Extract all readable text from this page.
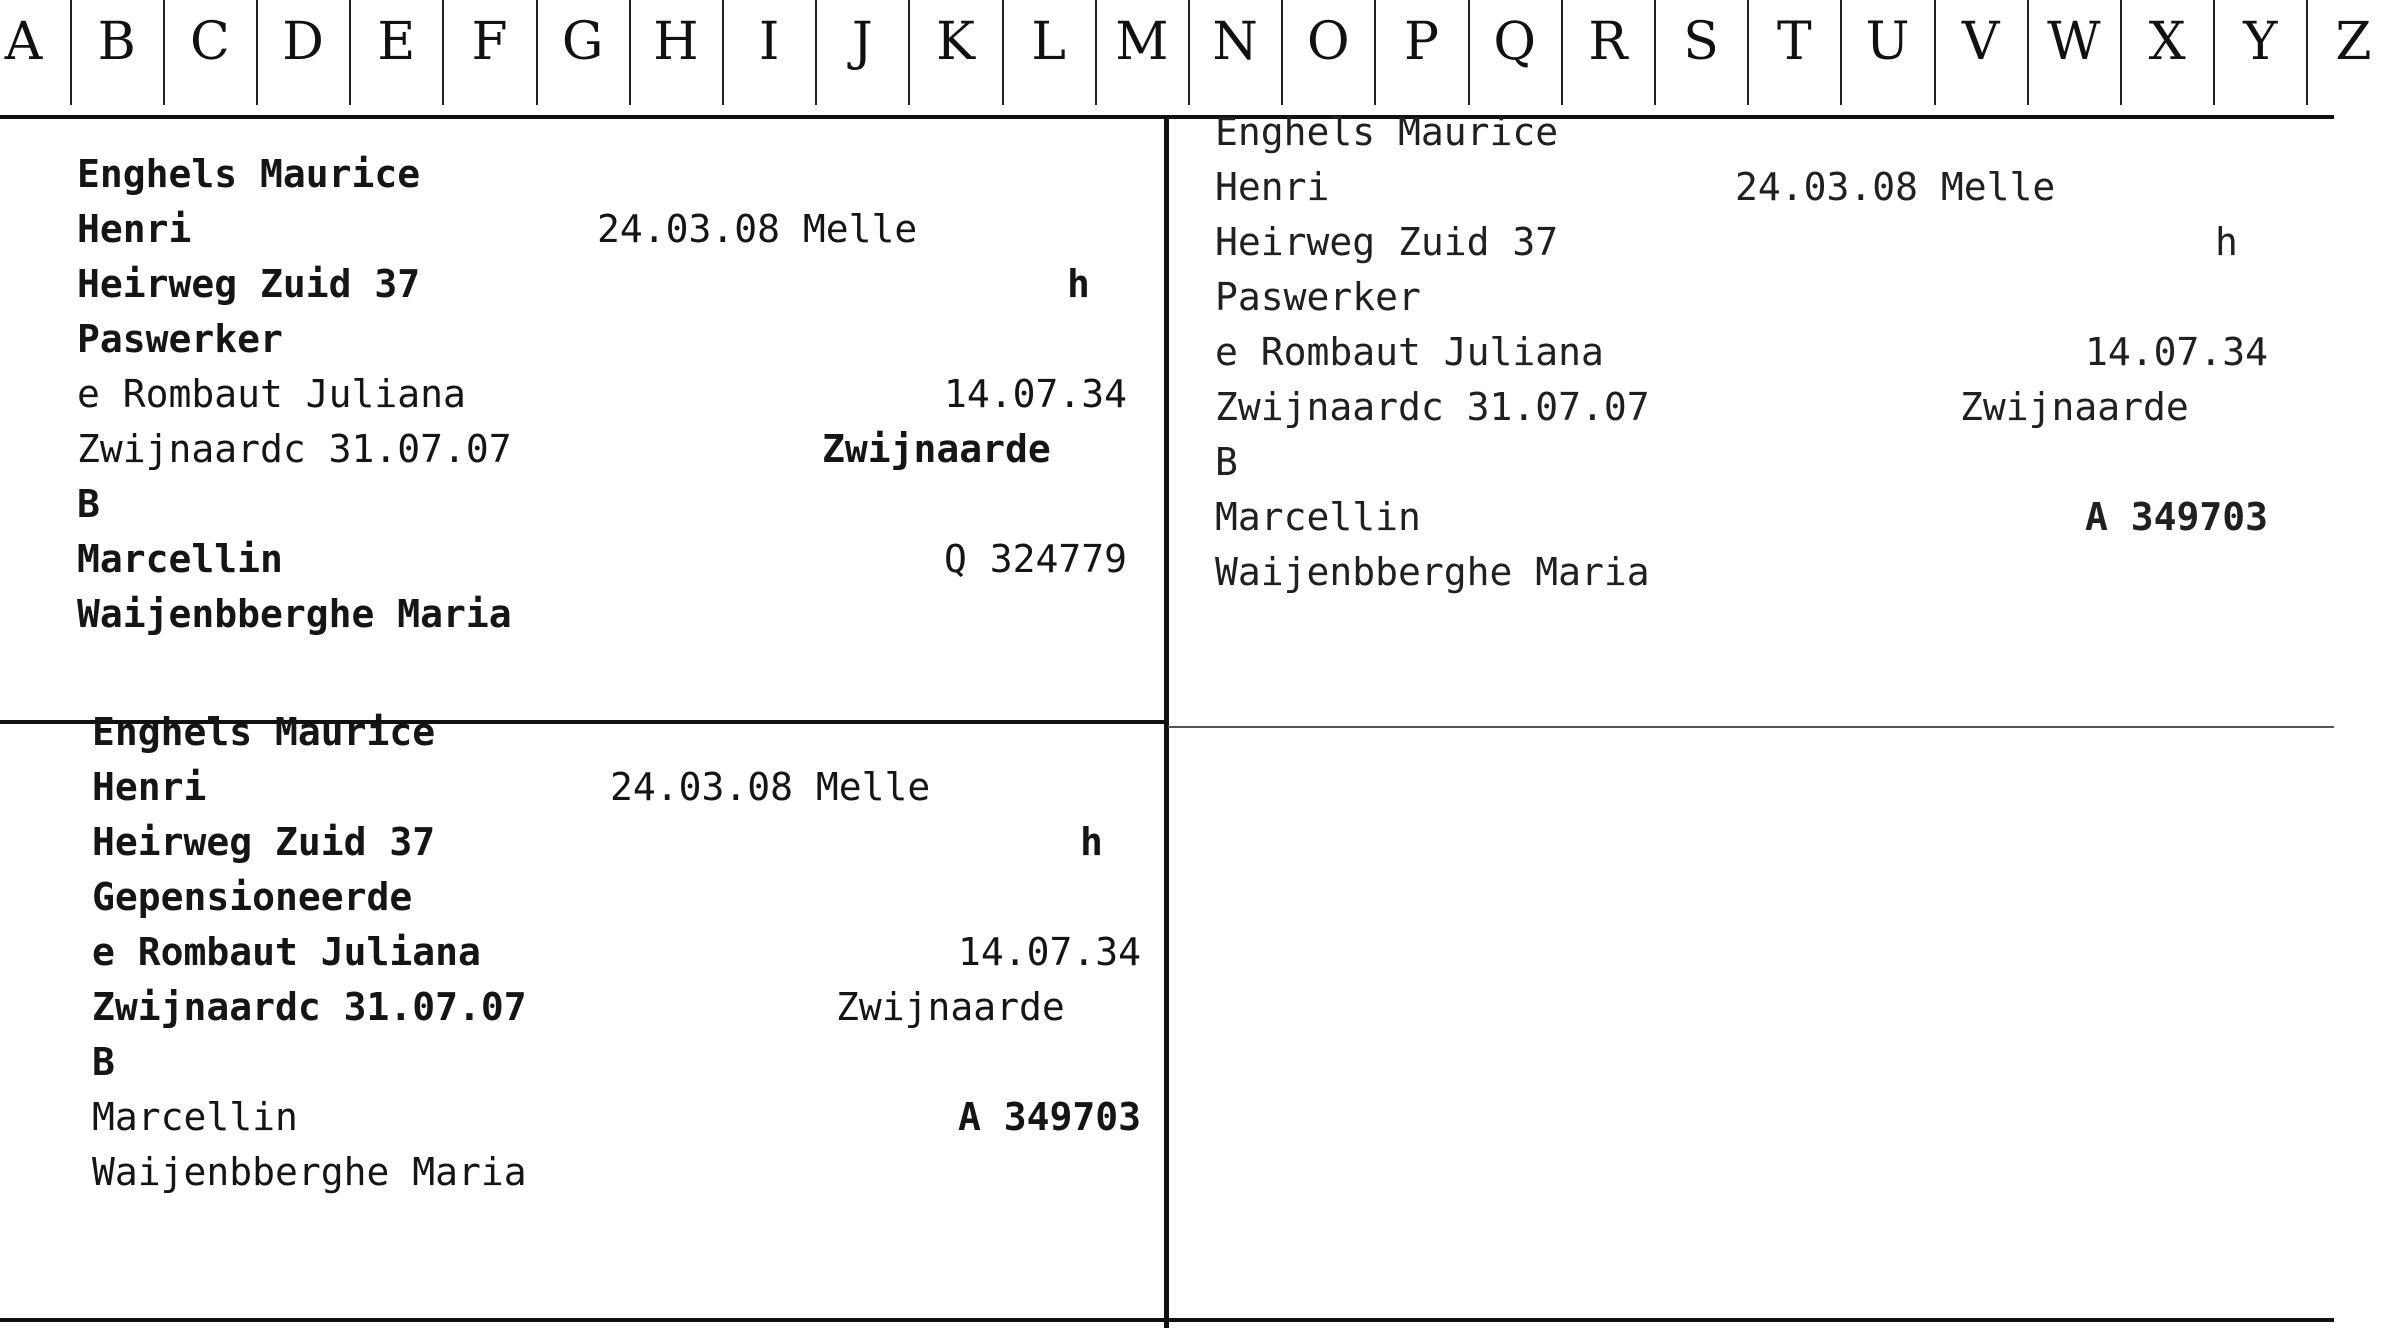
A B C D E F G H I J K L M N O P Q R S T U V W X Y Z
Enghels Maurice
Henri	24.03.08 Melle
Heirweg Zuid 37	h
Paswerker
e Rombaut Juliana	14.07.34
Zwijnaardc 31.07.07	Zwijnaarde
B
Marcellin	Q 324779
Waijenbberghe Maria
Enghels Maurice
Henri	24.03.08 Melle
Heirweg Zuid 37	h
Paswerker
e Rombaut Juliana	14.07.34
Zwijnaardc 31.07.07	Zwijnaarde
B
Marcellin	A 349703
Waijenbberghe Maria
Enghels Maurice
Henri	24.03.08 Melle
Heirweg Zuid 37	h
Gepensioneerde
e Rombaut Juliana	14.07.34
Zwijnaardc 31.07.07	Zwijnaarde
B
Marcellin	A 349703
Waijenbberghe Maria
